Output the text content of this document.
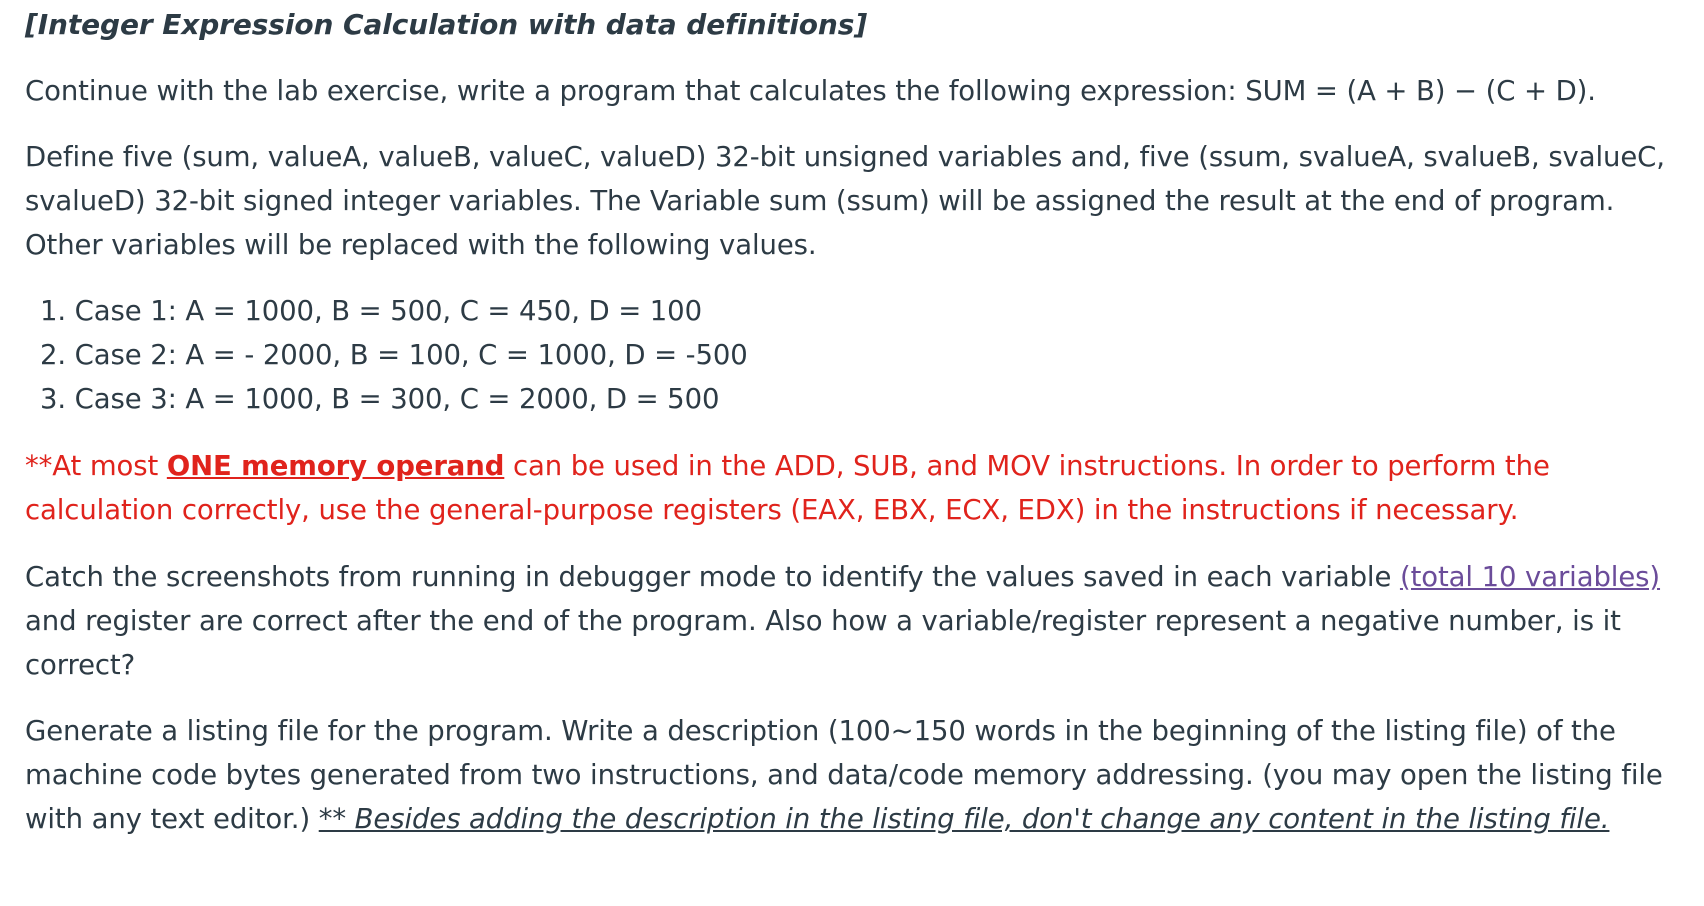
[Integer Expression Calculation with data definitions]
Continue with the lab exercise, write a program that calculates the following expression: SUM = (A + B) − (C + D).
Define five (sum, valueA, valueB, valueC, valueD) 32-bit unsigned variables and, five (ssum, svalueA, svalueB, svalueC,
svalueD) 32-bit signed integer variables. The Variable sum (ssum) will be assigned the result at the end of program.
Other variables will be replaced with the following values.
1. Case 1: A = 1000, B = 500, C = 450, D = 100
2. Case 2: A = - 2000, B = 100, C = 1000, D = -500
3. Case 3: A = 1000, B = 300, C = 2000, D = 500
**At most ONE memory operand can be used in the ADD, SUB, and MOV instructions. In order to perform the
calculation correctly, use the general-purpose registers (EAX, EBX, ECX, EDX) in the instructions if necessary.
Catch the screenshots from running in debugger mode to identify the values saved in each variable (total 10 variables)
and register are correct after the end of the program. Also how a variable/register represent a negative number, is it
correct?
Generate a listing file for the program. Write a description (100~150 words in the beginning of the listing file) of the
machine code bytes generated from two instructions, and data/code memory addressing. (you may open the listing file
with any text editor.) ** Besides adding the description in the listing file, don't change any content in the listing file.
